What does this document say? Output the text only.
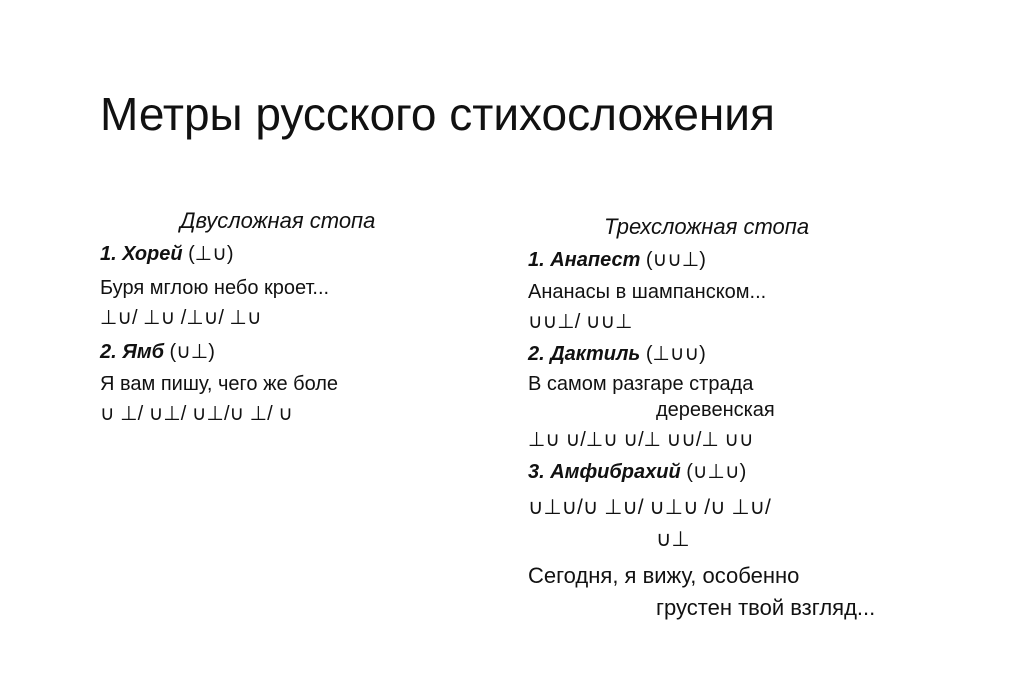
Метры русского стихосложения

Двусложная стопа

1. Хорей (⊥∪)

Буря мглою небо кроет...

⊥∪/ ⊥∪ /⊥∪/ ⊥∪

2. Ямб (∪⊥)

Я вам пишу, чего же боле

∪ ⊥/ ∪⊥/ ∪⊥/∪ ⊥/ ∪

Трехсложная стопа

1. Анапест (∪∪⊥)

Ананасы в шампанском...

∪∪⊥/ ∪∪⊥

2. Дактиль (⊥∪∪)

В самом разгаре страда

деревенская

⊥∪ ∪/⊥∪ ∪/⊥ ∪∪/⊥ ∪∪

3. Амфибрахий (∪⊥∪)

∪⊥∪/∪ ⊥∪/ ∪⊥∪ /∪ ⊥∪/

∪⊥

Сегодня, я вижу, особенно

грустен твой взгляд...
